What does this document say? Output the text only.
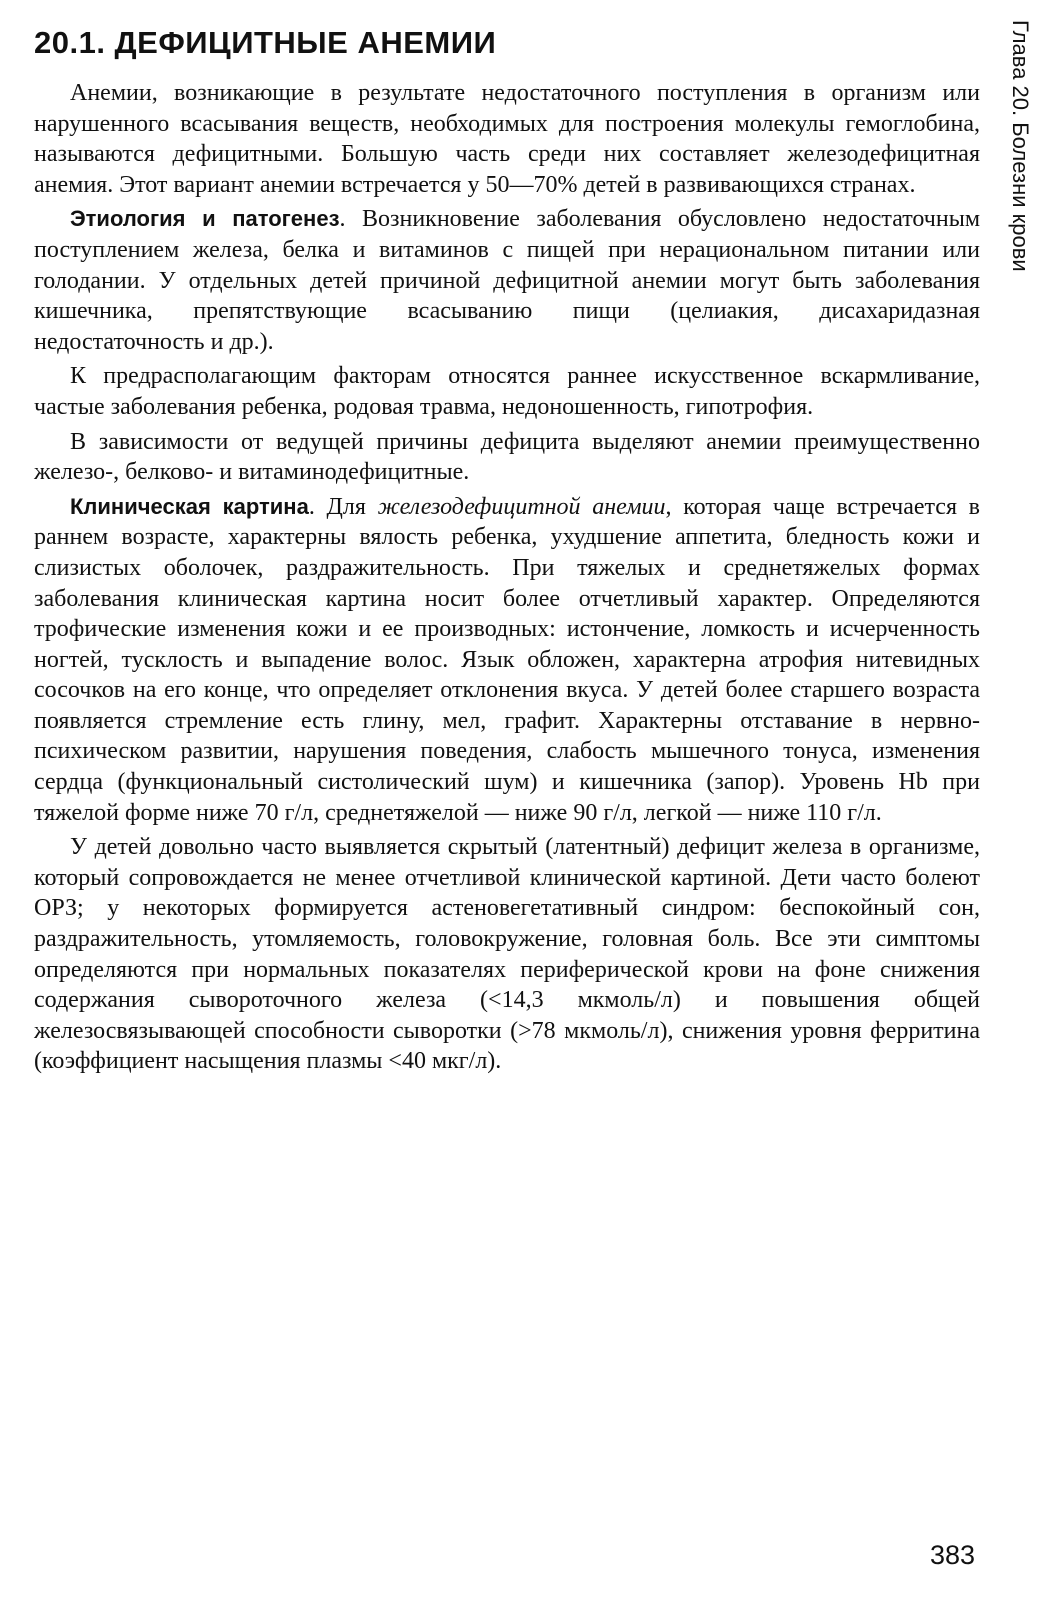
Глава 20. Болезни крови
20.1. ДЕФИЦИТНЫЕ АНЕМИИ

Анемии, возникающие в результате недостаточного поступления в организм или нарушенного всасывания веществ, необходимых для построения молекулы гемоглобина, называются дефицитными. Большую часть среди них составляет железодефицитная анемия. Этот вариант анемии встречается у 50—70% детей в развивающихся странах.

Этиология и патогенез. Возникновение заболевания обусловлено недостаточным поступлением железа, белка и витаминов с пищей при нерациональном питании или голодании. У отдельных детей причиной дефицитной анемии могут быть заболевания кишечника, препятствующие всасыванию пищи (целиакия, дисахаридазная недостаточность и др.).

К предрасполагающим факторам относятся раннее искусственное вскармливание, частые заболевания ребенка, родовая травма, недоношенность, гипотрофия.

В зависимости от ведущей причины дефицита выделяют анемии преимущественно железо-, белково- и витаминодефицитные.

Клиническая картина. Для железодефицитной анемии, которая чаще встречается в раннем возрасте, характерны вялость ребенка, ухудшение аппетита, бледность кожи и слизистых оболочек, раздражительность. При тяжелых и среднетяжелых формах заболевания клиническая картина носит более отчетливый характер. Определяются трофические изменения кожи и ее производных: истончение, ломкость и исчерченность ногтей, тусклость и выпадение волос. Язык обложен, характерна атрофия нитевидных сосочков на его конце, что определяет отклонения вкуса. У детей более старшего возраста появляется стремление есть глину, мел, графит. Характерны отставание в нервно-психическом развитии, нарушения поведения, слабость мышечного тонуса, изменения сердца (функциональный систолический шум) и кишечника (запор). Уровень Hb при тяжелой форме ниже 70 г/л, среднетяжелой — ниже 90 г/л, легкой — ниже 110 г/л.

У детей довольно часто выявляется скрытый (латентный) дефицит железа в организме, который сопровождается не менее отчетливой клинической картиной. Дети часто болеют ОРЗ; у некоторых формируется астеновегетативный синдром: беспокойный сон, раздражительность, утомляемость, головокружение, головная боль. Все эти симптомы определяются при нормальных показателях периферической крови на фоне снижения содержания сывороточного железа (<14,3 мкмоль/л) и повышения общей железосвязывающей способности сыворотки (>78 мкмоль/л), снижения уровня ферритина (коэффициент насыщения плазмы <40 мкг/л).

383
